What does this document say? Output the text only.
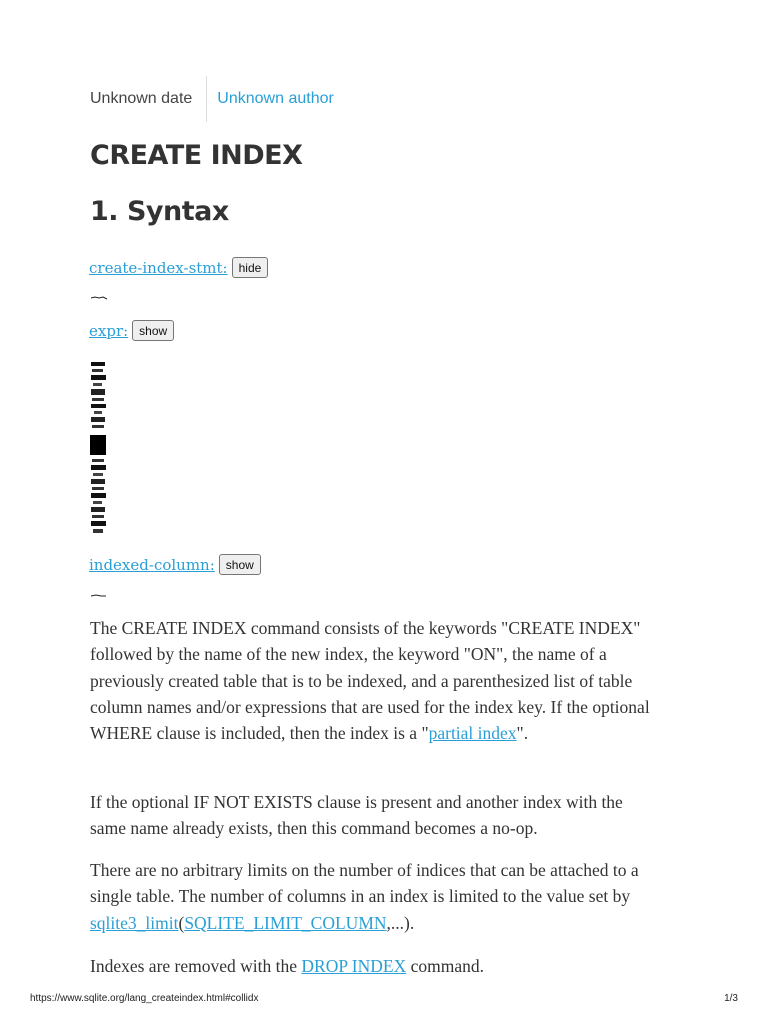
Unknown date	Unknown author
CREATE INDEX
1. Syntax
create-index-stmt: hide
expr: show
indexed-column: show

The CREATE INDEX command consists of the keywords "CREATE INDEX" followed by the name of the new index, the keyword "ON", the name of a previously created table that is to be indexed, and a parenthesized list of table column names and/or expressions that are used for the index key. If the optional WHERE clause is included, then the index is a "partial index".

If the optional IF NOT EXISTS clause is present and another index with the same name already exists, then this command becomes a no-op.

There are no arbitrary limits on the number of indices that can be attached to a single table. The number of columns in an index is limited to the value set by sqlite3_limit(SQLITE_LIMIT_COLUMN,...).

Indexes are removed with the DROP INDEX command.

https://www.sqlite.org/lang_createindex.html#collidx	1/3
